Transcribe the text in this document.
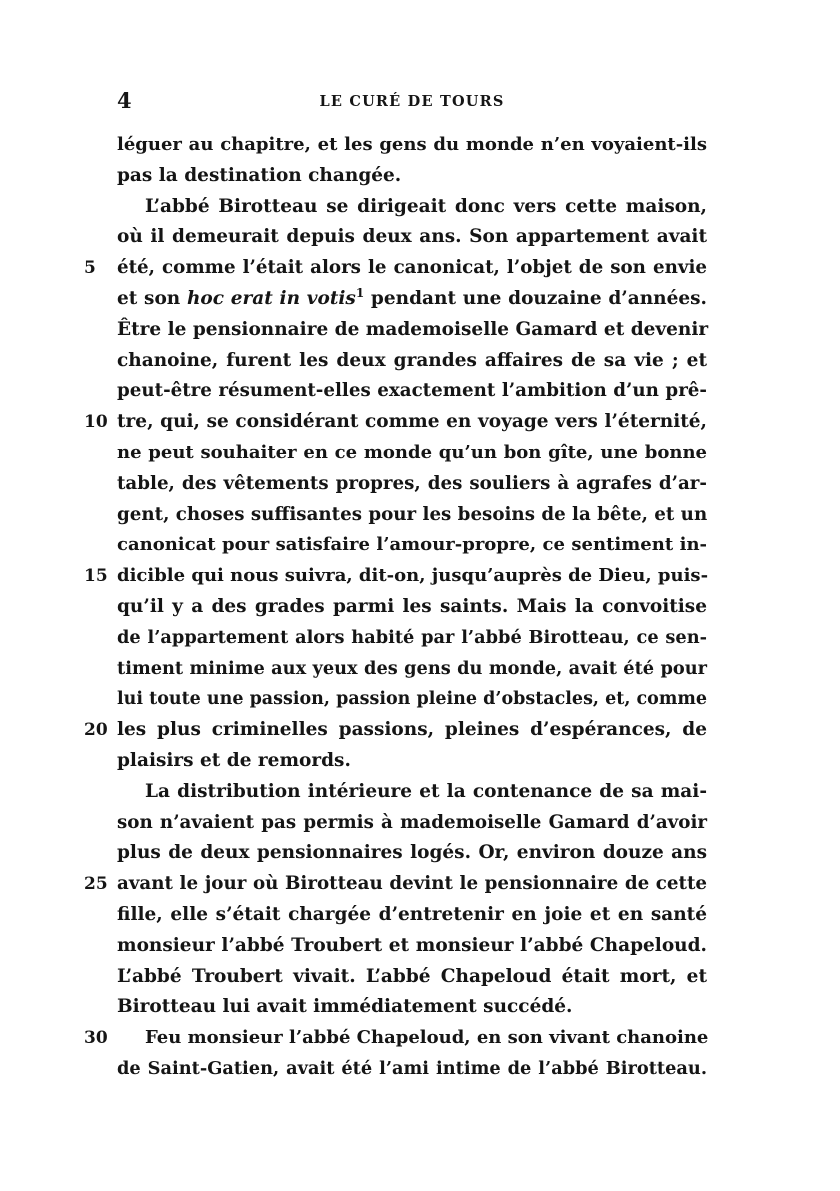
4	LE CURÉ DE TOURS
léguer au chapitre, et les gens du monde n’en voyaient-ils
pas la destination changée.
L’abbé Birotteau se dirigeait donc vers cette maison,
où il demeurait depuis deux ans. Son appartement avait
5	été, comme l’était alors le canonicat, l’objet de son envie
et son hoc erat in votis$^1$ pendant une douzaine d’années.
Être le pensionnaire de mademoiselle Gamard et devenir
chanoine, furent les deux grandes affaires de sa vie ; et
peut-être résument-elles exactement l’ambition d’un prê-
10 tre, qui, se considérant comme en voyage vers l’éternité,
ne peut souhaiter en ce monde qu’un bon gîte, une bonne
table, des vêtements propres, des souliers à agrafes d’ar-
gent, choses suffisantes pour les besoins de la bête, et un
canonicat pour satisfaire l’amour-propre, ce sentiment in-
15 dicible qui nous suivra, dit-on, jusqu’auprès de Dieu, puis-
qu’il y a des grades parmi les saints. Mais la convoitise
de l’appartement alors habité par l’abbé Birotteau, ce sen-
timent minime aux yeux des gens du monde, avait été pour
lui toute une passion, passion pleine d’obstacles, et, comme
20 les plus criminelles passions, pleines d’espérances, de
plaisirs et de remords.
La distribution intérieure et la contenance de sa mai-
son n’avaient pas permis à mademoiselle Gamard d’avoir
plus de deux pensionnaires logés. Or, environ douze ans
25 avant le jour où Birotteau devint le pensionnaire de cette
fille, elle s’était chargée d’entretenir en joie et en santé
monsieur l’abbé Troubert et monsieur l’abbé Chapeloud.
L’abbé Troubert vivait. L’abbé Chapeloud était mort, et
Birotteau lui avait immédiatement succédé.
30	Feu monsieur l’abbé Chapeloud, en son vivant chanoine
de Saint-Gatien, avait été l’ami intime de l’abbé Birotteau.
